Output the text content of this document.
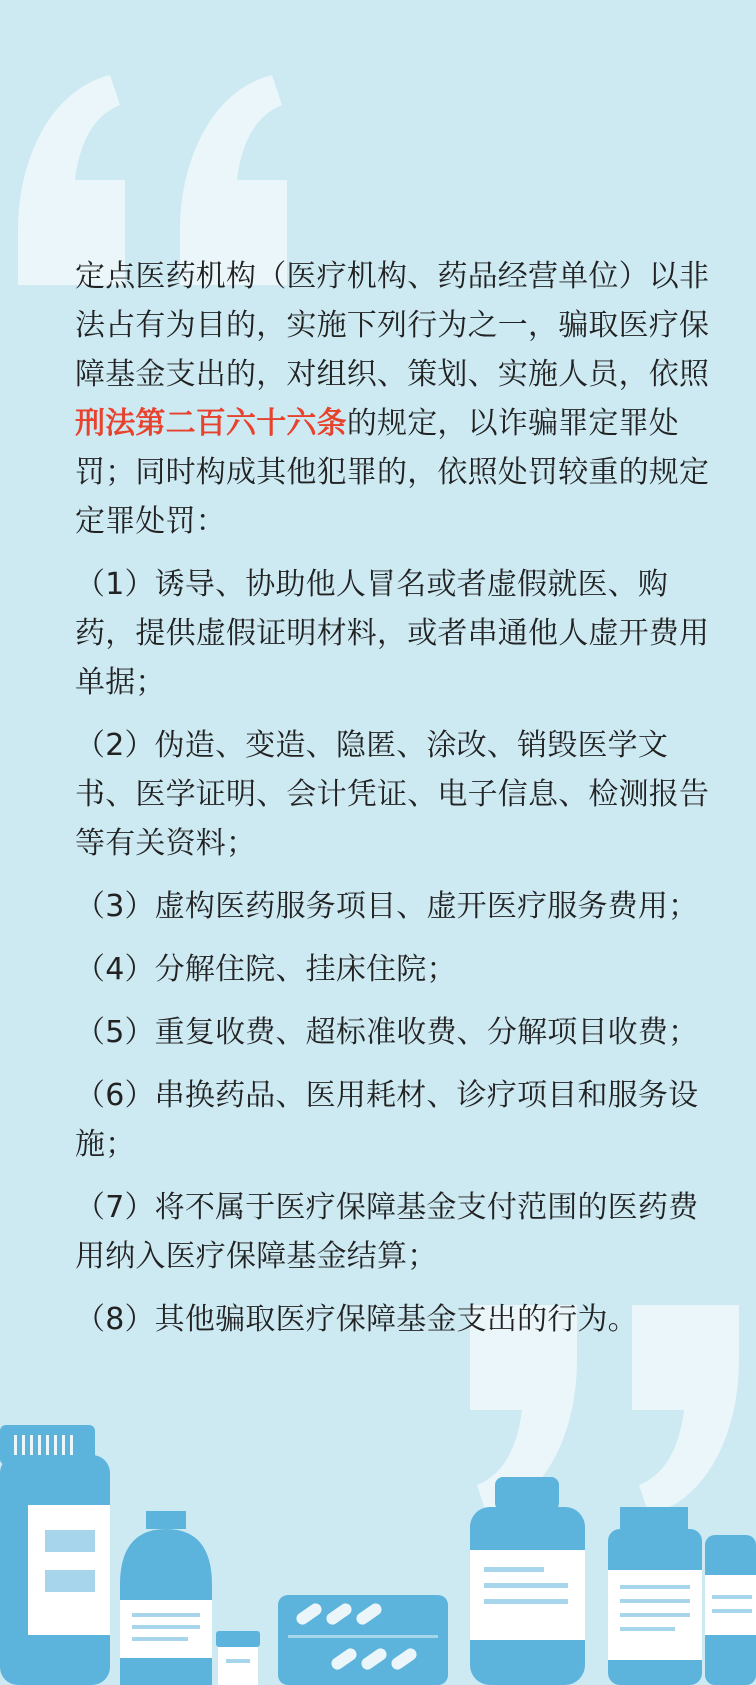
定点医药机构（医疗机构、药品经营单位）以非法占有为目的，实施下列行为之一，骗取医疗保障基金支出的，对组织、策划、实施人员，依照刑法第二百六十六条的规定，以诈骗罪定罪处罚；同时构成其他犯罪的，依照处罚较重的规定定罪处罚：

（1）诱导、协助他人冒名或者虚假就医、购药，提供虚假证明材料，或者串通他人虚开费用单据；

（2）伪造、变造、隐匿、涂改、销毁医学文书、医学证明、会计凭证、电子信息、检测报告等有关资料；

（3）虚构医药服务项目、虚开医疗服务费用；

（4）分解住院、挂床住院；

（5）重复收费、超标准收费、分解项目收费；

（6）串换药品、医用耗材、诊疗项目和服务设施；

（7）将不属于医疗保障基金支付范围的医药费用纳入医疗保障基金结算；

（8）其他骗取医疗保障基金支出的行为。
